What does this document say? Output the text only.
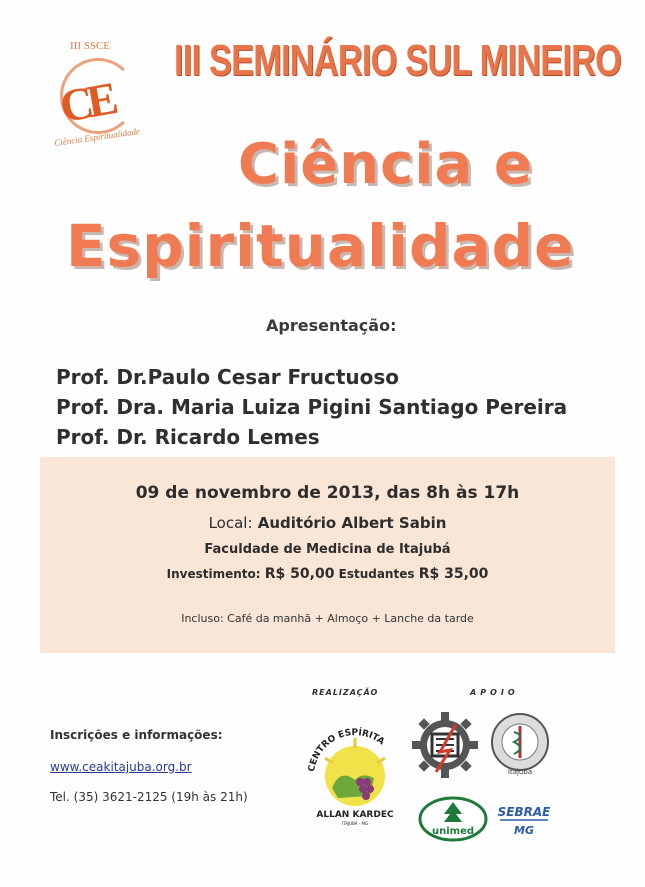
III SSCE
CE
Ciência Espiritualidade
III SEMINÁRIO SUL MINEIRO
Ciência e
Espiritualidade
Apresentação:
Prof. Dr.Paulo Cesar Fructuoso
Prof. Dra. Maria Luiza Pigini Santiago Pereira
Prof. Dr. Ricardo Lemes
09 de novembro de 2013, das 8h às 17h
Local: Auditório Albert Sabin
Faculdade de Medicina de Itajubá
Investimento: R$ 50,00 Estudantes R$ 35,00
Incluso: Café da manhã + Almoço + Lanche da tarde
Inscrições e informações:
www.ceakitajuba.org.br
Tel. (35) 3621-2125 (19h às 21h)
REALIZAÇÃO	APOIO
CENTRO ESPÍRITA
ALLAN KARDEC
ITAJUBÁ - MG
Itajubá
unimed
SEBRAE
MG
